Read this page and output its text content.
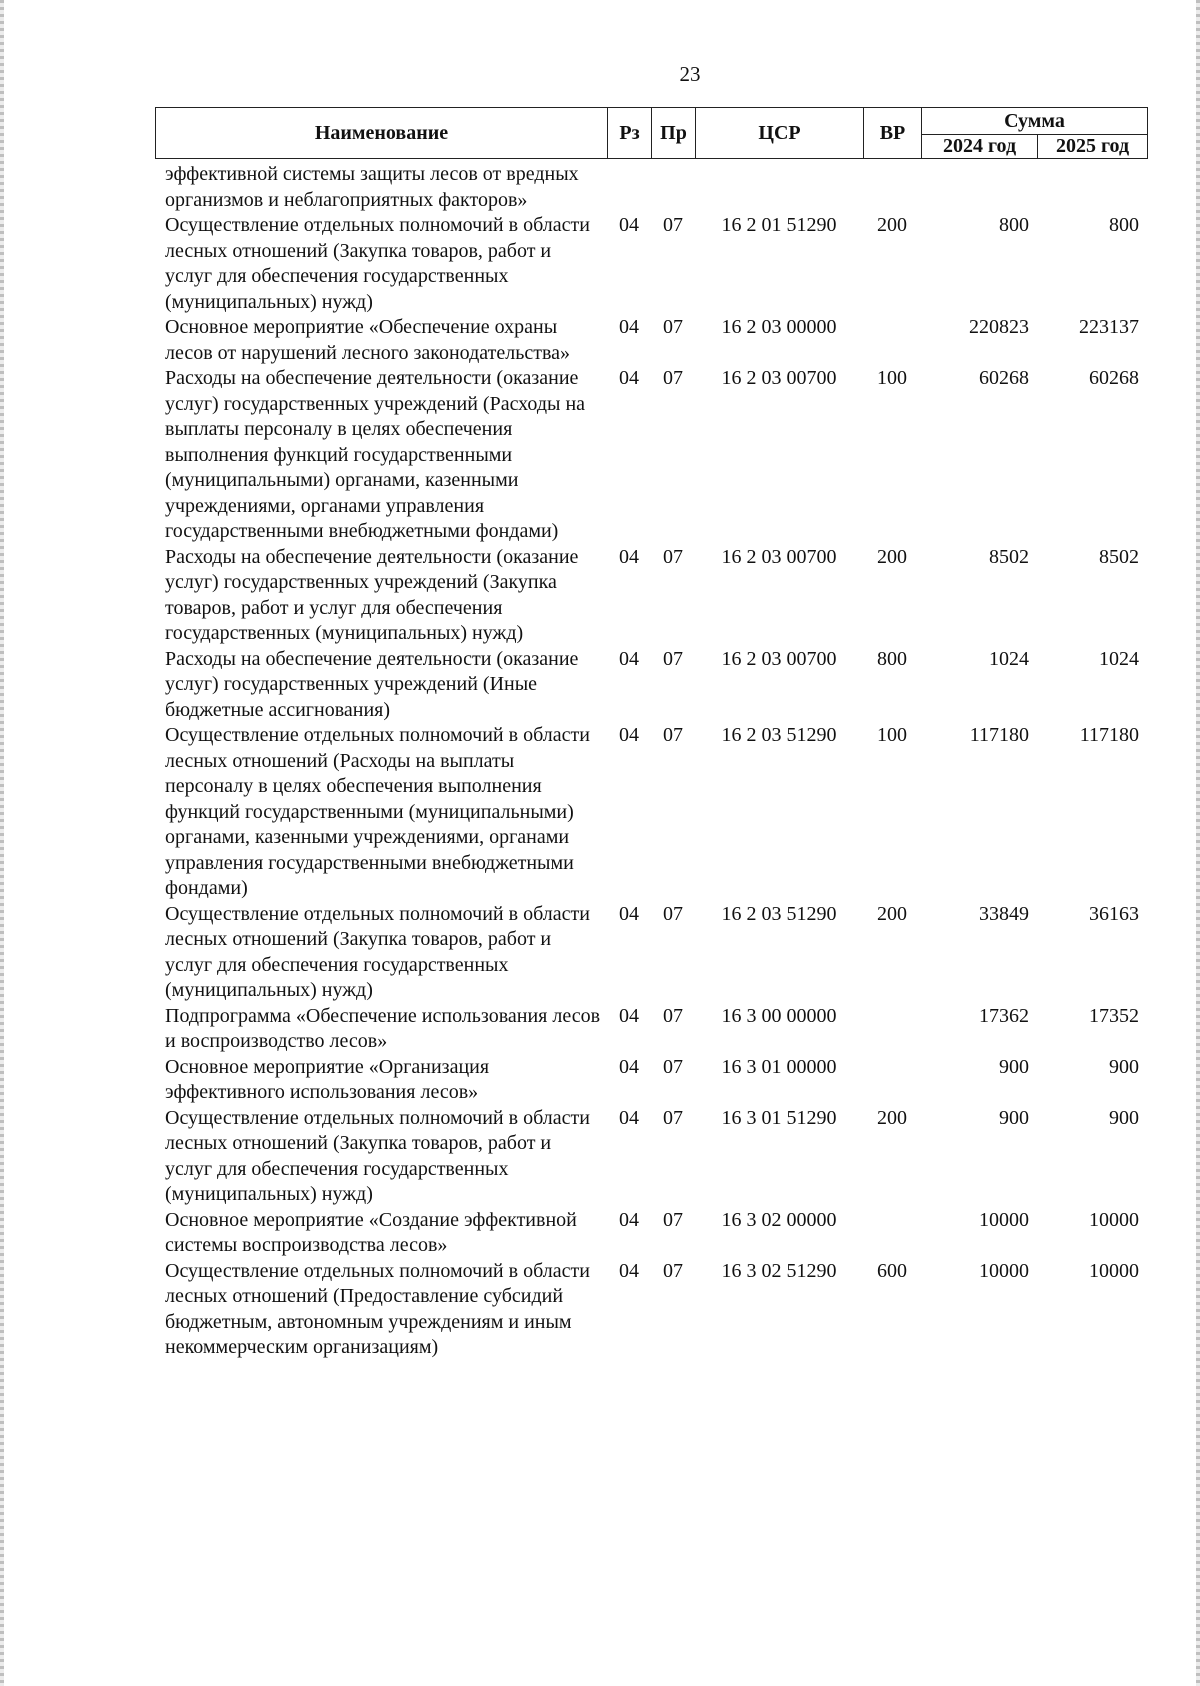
23
Наименование	Рз	Пр	ЦСР	ВР	Сумма	
					2024 год	2025 год
эффективной системы защиты лесов от вредных организмов и неблагоприятных факторов»						
Осуществление отдельных полномочий в области лесных отношений (Закупка товаров, работ и услуг для обеспечения государственных (муниципальных) нужд)	04	07	16 2 01 51290	200	800	800
Основное мероприятие «Обеспечение охраны лесов от нарушений лесного законодательства»	04	07	16 2 03 00000		220823	223137
Расходы на обеспечение деятельности (оказание услуг) государственных учреждений (Расходы на выплаты персоналу в целях обеспечения выполнения функций государственными (муниципальными) органами, казенными учреждениями, органами управления государственными внебюджетными фондами)	04	07	16 2 03 00700	100	60268	60268
Расходы на обеспечение деятельности (оказание услуг) государственных учреждений (Закупка товаров, работ и услуг для обеспечения государственных (муниципальных) нужд)	04	07	16 2 03 00700	200	8502	8502
Расходы на обеспечение деятельности (оказание услуг) государственных учреждений (Иные бюджетные ассигнования)	04	07	16 2 03 00700	800	1024	1024
Осуществление отдельных полномочий в области лесных отношений (Расходы на выплаты персоналу в целях обеспечения выполнения функций государственными (муниципальными) органами, казенными учреждениями, органами управления государственными внебюджетными фондами)	04	07	16 2 03 51290	100	117180	117180
Осуществление отдельных полномочий в области лесных отношений (Закупка товаров, работ и услуг для обеспечения государственных (муниципальных) нужд)	04	07	16 2 03 51290	200	33849	36163
Подпрограмма «Обеспечение использования лесов и воспроизводство лесов»	04	07	16 3 00 00000		17362	17352
Основное мероприятие «Организация эффективного использования лесов»	04	07	16 3 01 00000		900	900
Осуществление отдельных полномочий в области лесных отношений (Закупка товаров, работ и услуг для обеспечения государственных (муниципальных) нужд)	04	07	16 3 01 51290	200	900	900
Основное мероприятие «Создание эффективной системы воспроизводства лесов»	04	07	16 3 02 00000		10000	10000
Осуществление отдельных полномочий в области лесных отношений (Предоставление субсидий бюджетным, автономным учреждениям и иным некоммерческим организациям)	04	07	16 3 02 51290	600	10000	10000
